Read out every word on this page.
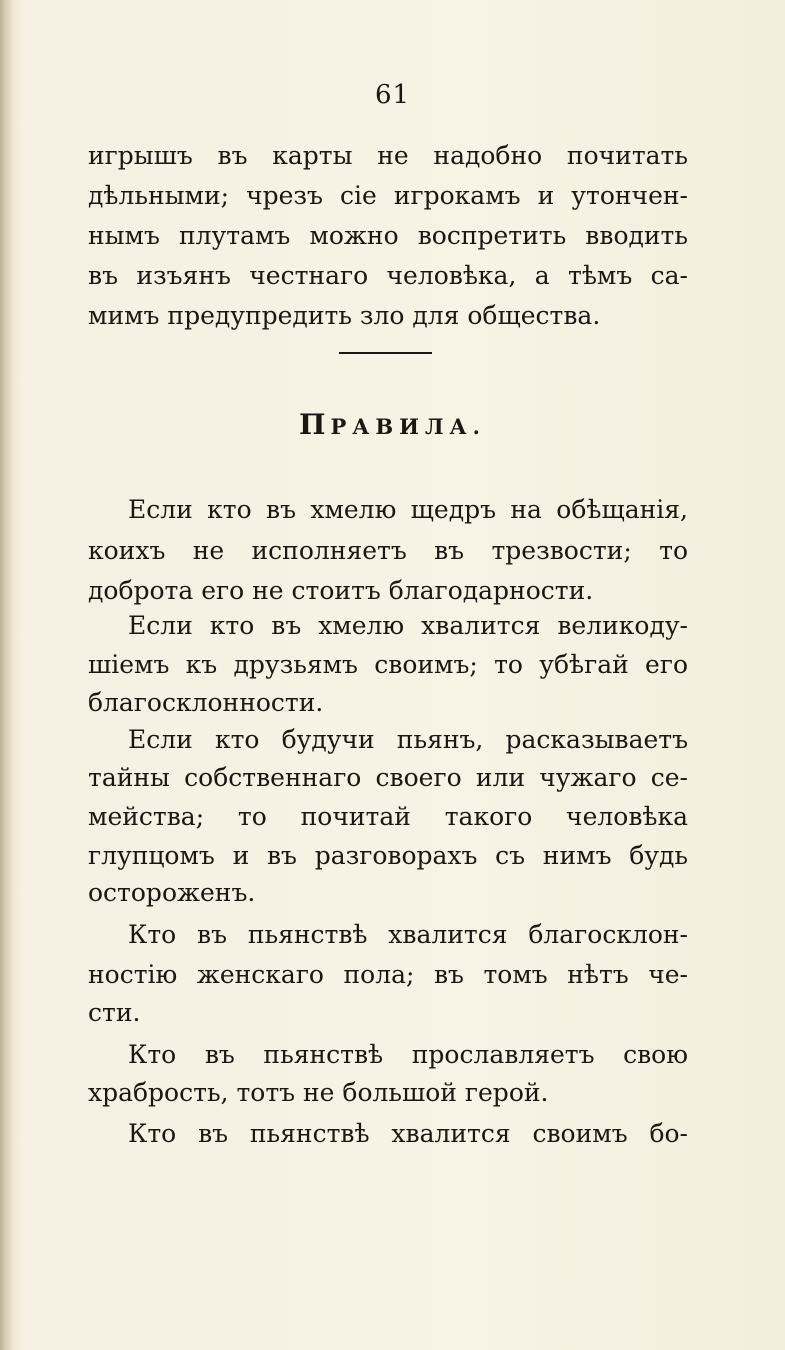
61
игрышъ въ карты не надобно почитать
дѣльными; чрезъ сіе игрокамъ и утончен-
нымъ плутамъ можно воспретить вводить
въ изъянъ честнаго человѣка, а тѣмъ са-
мимъ предупредить зло для общества.
ПРАВИЛА.
Если кто въ хмелю щедръ на обѣщанія,
коихъ не исполняетъ въ трезвости; то
доброта его не стоитъ благодарности.
Если кто въ хмелю хвалится великоду-
шіемъ къ друзьямъ своимъ; то убѣгай его
благосклонности.
Если кто будучи пьянъ, расказываетъ
тайны собственнаго своего или чужаго се-
мейства; то почитай такого человѣка
глупцомъ и въ разговорахъ съ нимъ будь
остороженъ.
Кто въ пьянствѣ хвалится благосклон-
ностію женскаго пола; въ томъ нѣтъ че-
сти.
Кто въ пьянствѣ прославляетъ свою
храбрость, тотъ не большой герой.
Кто въ пьянствѣ хвалится своимъ бо-
